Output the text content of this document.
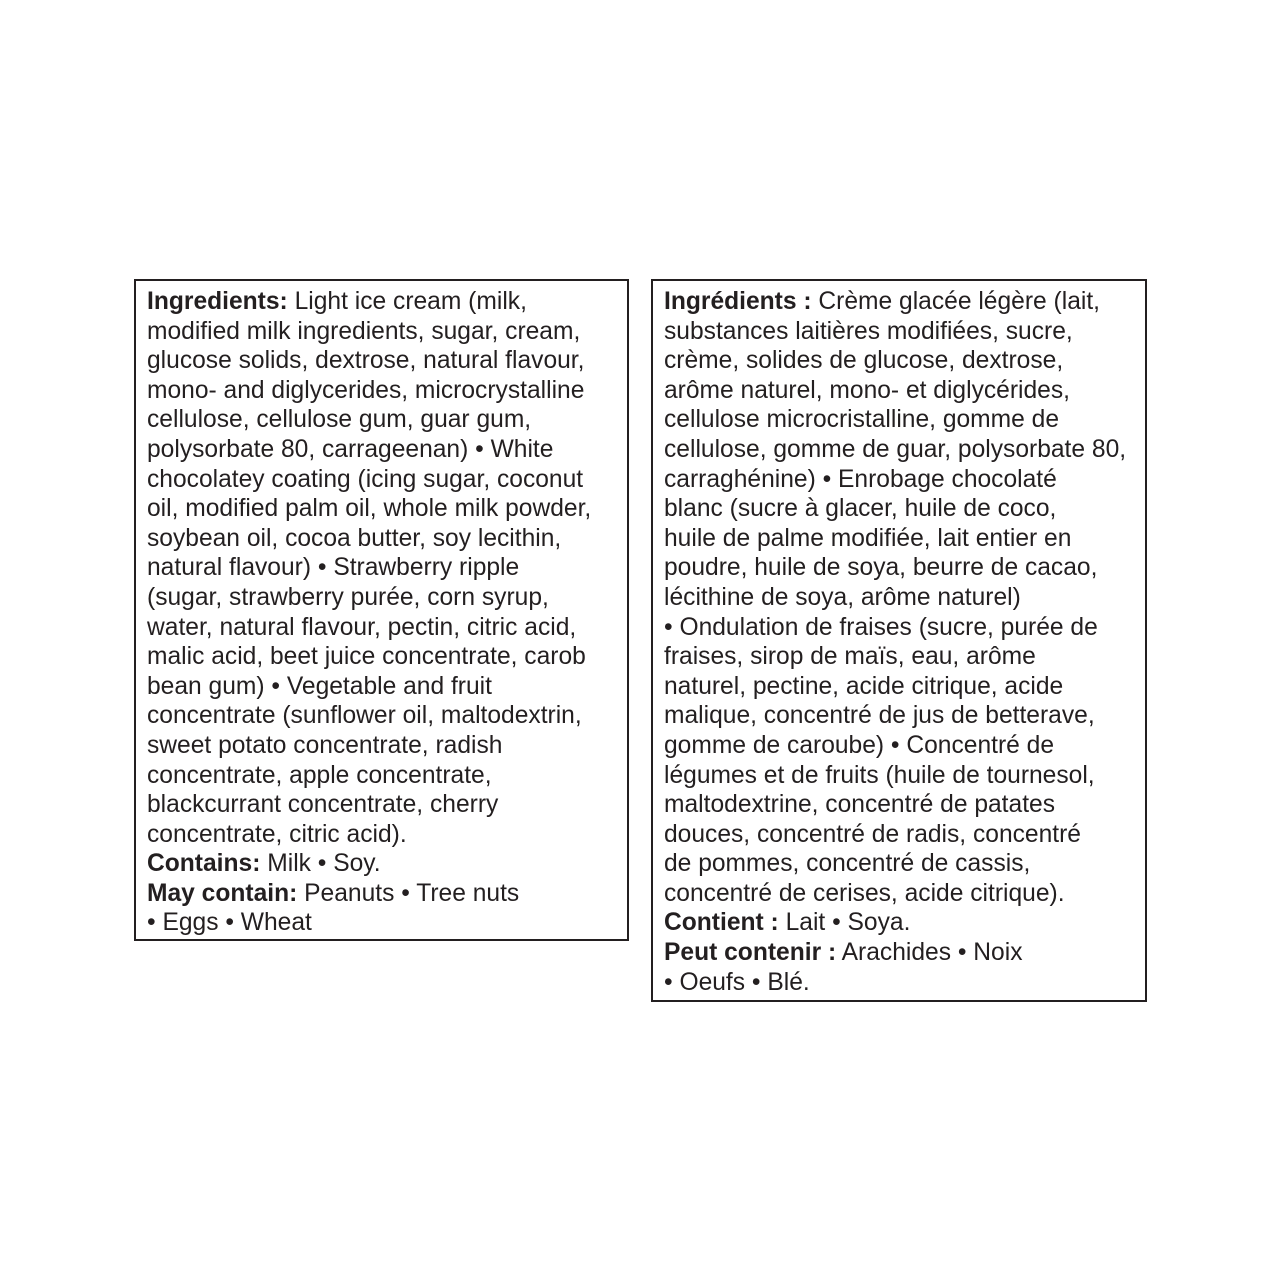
Ingredients: Light ice cream (milk,
modified milk ingredients, sugar, cream,
glucose solids, dextrose, natural flavour,
mono- and diglycerides, microcrystalline
cellulose, cellulose gum, guar gum,
polysorbate 80, carrageenan) • White
chocolatey coating (icing sugar, coconut
oil, modified palm oil, whole milk powder,
soybean oil, cocoa butter, soy lecithin,
natural flavour) • Strawberry ripple
(sugar, strawberry purée, corn syrup,
water, natural flavour, pectin, citric acid,
malic acid, beet juice concentrate, carob
bean gum) • Vegetable and fruit
concentrate (sunflower oil, maltodextrin,
sweet potato concentrate, radish
concentrate, apple concentrate,
blackcurrant concentrate, cherry
concentrate, citric acid).
Contains: Milk • Soy.
May contain: Peanuts • Tree nuts
• Eggs • Wheat
Ingrédients : Crème glacée légère (lait,
substances laitières modifiées, sucre,
crème, solides de glucose, dextrose,
arôme naturel, mono- et diglycérides,
cellulose microcristalline, gomme de
cellulose, gomme de guar, polysorbate 80,
carraghénine) • Enrobage chocolaté
blanc (sucre à glacer, huile de coco,
huile de palme modifiée, lait entier en
poudre, huile de soya, beurre de cacao,
lécithine de soya, arôme naturel)
• Ondulation de fraises (sucre, purée de
fraises, sirop de maïs, eau, arôme
naturel, pectine, acide citrique, acide
malique, concentré de jus de betterave,
gomme de caroube) • Concentré de
légumes et de fruits (huile de tournesol,
maltodextrine, concentré de patates
douces, concentré de radis, concentré
de pommes, concentré de cassis,
concentré de cerises, acide citrique).
Contient : Lait • Soya.
Peut contenir : Arachides • Noix
• Oeufs • Blé.
